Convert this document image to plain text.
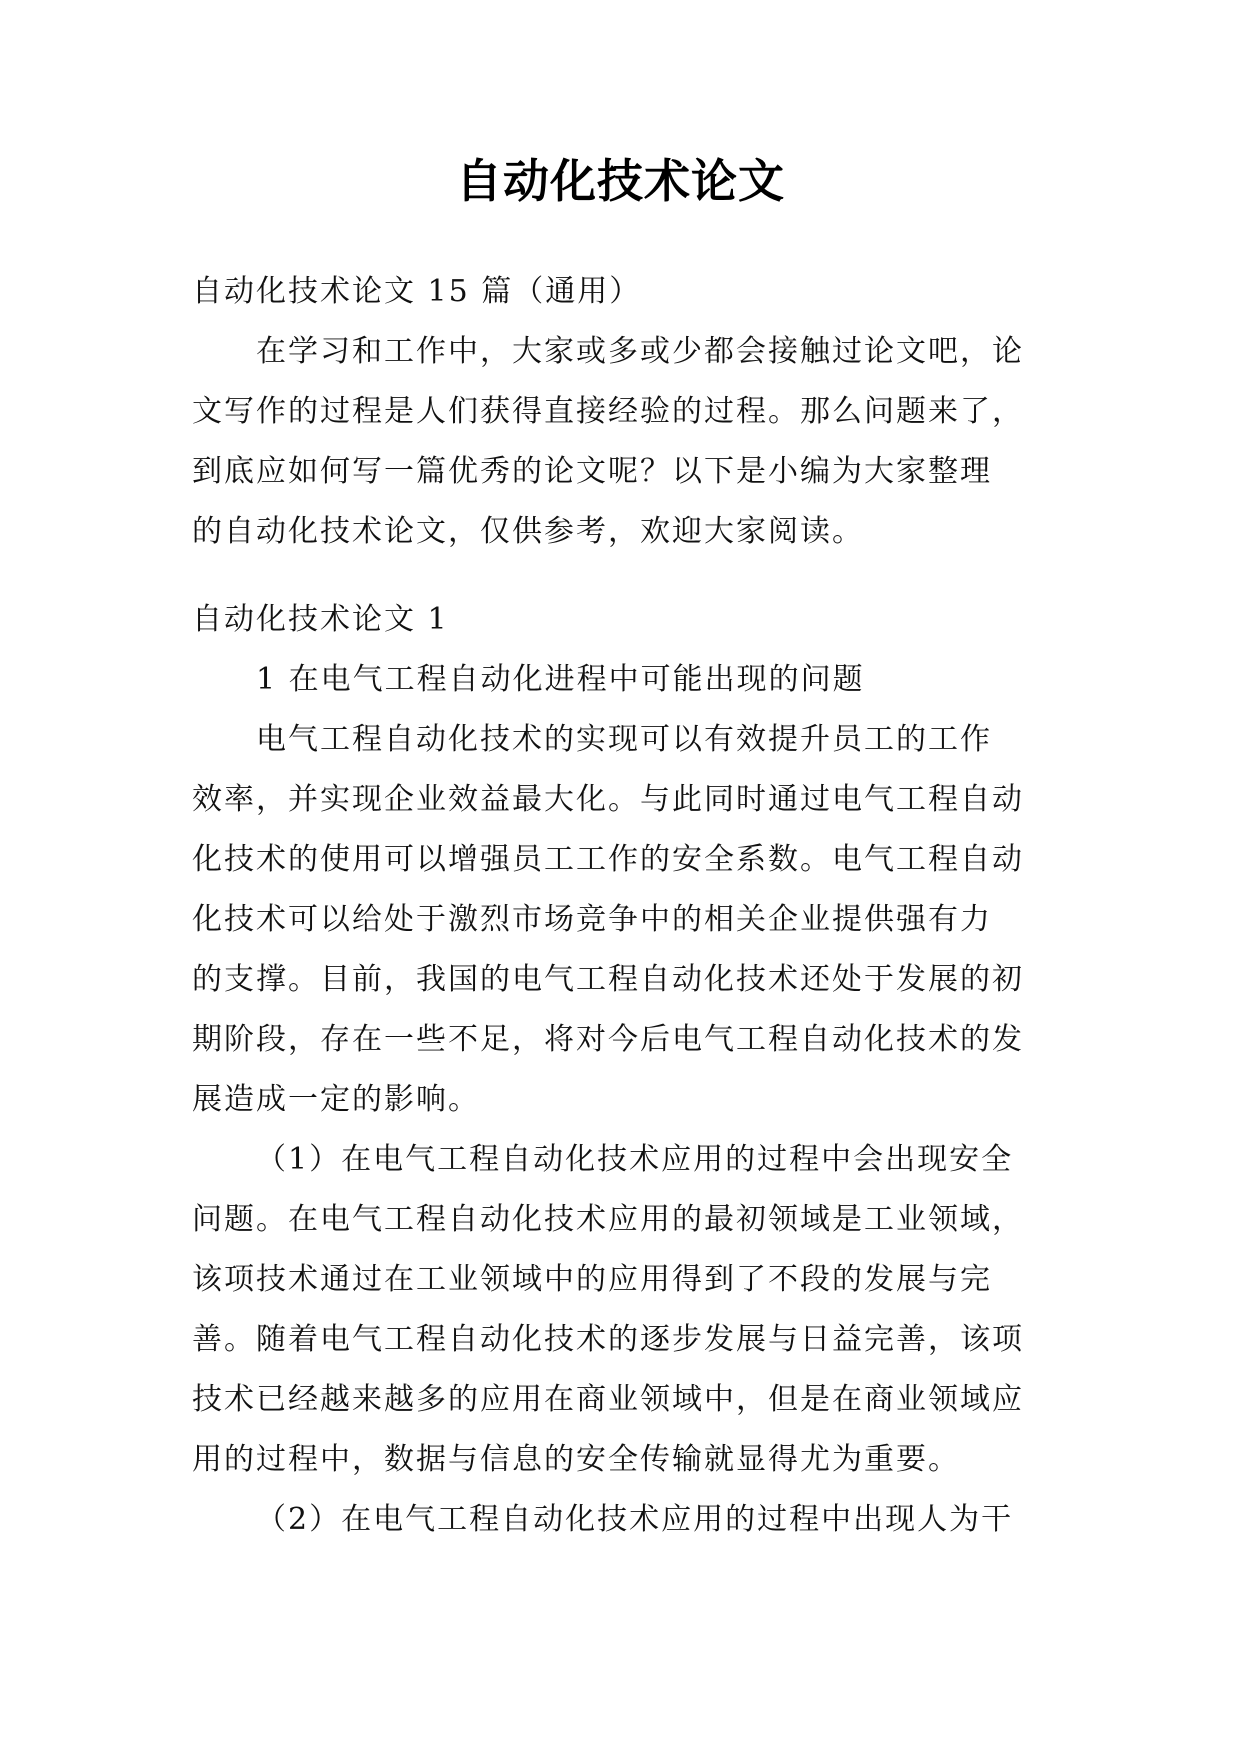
自动化技术论文
自动化技术论文 15 篇（通用）
在学习和工作中，大家或多或少都会接触过论文吧，论
文写作的过程是人们获得直接经验的过程。那么问题来了，
到底应如何写一篇优秀的论文呢？以下是小编为大家整理
的自动化技术论文，仅供参考，欢迎大家阅读。
自动化技术论文 1
1 在电气工程自动化进程中可能出现的问题
电气工程自动化技术的实现可以有效提升员工的工作
效率，并实现企业效益最大化。与此同时通过电气工程自动
化技术的使用可以增强员工工作的安全系数。电气工程自动
化技术可以给处于激烈市场竞争中的相关企业提供强有力
的支撑。目前，我国的电气工程自动化技术还处于发展的初
期阶段，存在一些不足，将对今后电气工程自动化技术的发
展造成一定的影响。
（1）在电气工程自动化技术应用的过程中会出现安全
问题。在电气工程自动化技术应用的最初领域是工业领域，
该项技术通过在工业领域中的应用得到了不段的发展与完
善。随着电气工程自动化技术的逐步发展与日益完善，该项
技术已经越来越多的应用在商业领域中，但是在商业领域应
用的过程中，数据与信息的安全传输就显得尤为重要。
（2）在电气工程自动化技术应用的过程中出现人为干
